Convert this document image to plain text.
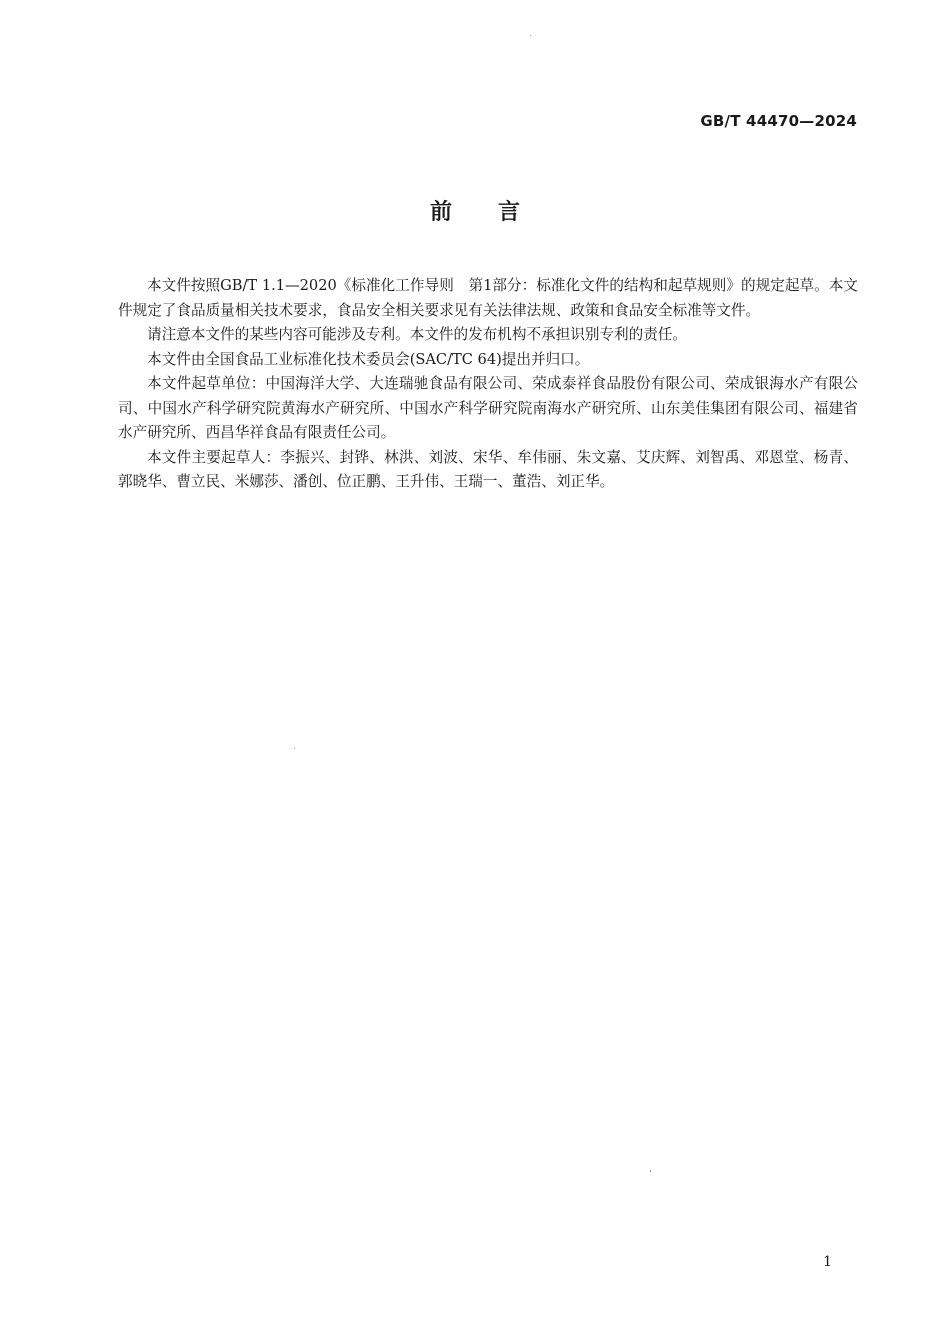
GB/T 44470—2024
前 言

本文件按照GB/T 1.1—2020《标准化工作导则　第1部分：标准化文件的结构和起草规则》的规定起草。本文件规定了食品质量相关技术要求，食品安全相关要求见有关法律法规、政策和食品安全标准等文件。

请注意本文件的某些内容可能涉及专利。本文件的发布机构不承担识别专利的责任。

本文件由全国食品工业标准化技术委员会(SAC/TC 64)提出并归口。

本文件起草单位：中国海洋大学、大连瑞驰食品有限公司、荣成泰祥食品股份有限公司、荣成银海水产有限公司、中国水产科学研究院黄海水产研究所、中国水产科学研究院南海水产研究所、山东美佳集团有限公司、福建省水产研究所、西昌华祥食品有限责任公司。

本文件主要起草人：李振兴、封铧、林洪、刘波、宋华、牟伟丽、朱文嘉、艾庆辉、刘智禹、邓恩堂、杨青、郭晓华、曹立民、米娜莎、潘创、位正鹏、王升伟、王瑞一、董浩、刘正华。

1
